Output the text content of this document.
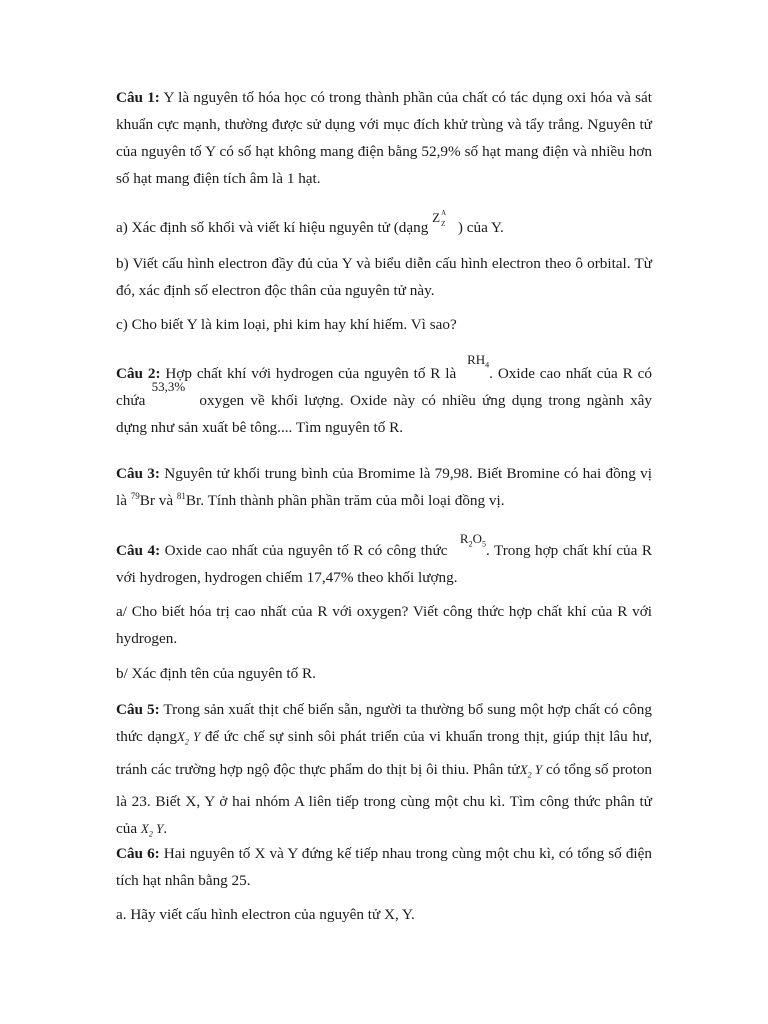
Câu 1: Y là nguyên tố hóa học có trong thành phần của chất có tác dụng oxi hóa và sát khuẩn cực mạnh, thường được sử dụng với mục đích khử trùng và tẩy trắng. Nguyên tử của nguyên tố Y có số hạt không mang điện bằng 52,9% số hạt mang điện và nhiều hơn số hạt mang điện tích âm là 1 hạt.

a) Xác định số khối và viết kí hiệu nguyên tử (dạng Z A
Z ) của Y.

b) Viết cấu hình electron đầy đủ của Y và biểu diễn cấu hình electron theo ô orbital. Từ đó, xác định số electron độc thân của nguyên tử này.

c) Cho biết Y là kim loại, phi kim hay khí hiếm. Vì sao?

Câu 2: Hợp chất khí với hydrogen của nguyên tố R là $RH_4$. Oxide cao nhất của R có chứa 53,3% oxygen về khối lượng. Oxide này có nhiều ứng dụng trong ngành xây dựng như sản xuất bê tông.... Tìm nguyên tố R.

Câu 3: Nguyên tử khối trung bình của Bromime là 79,98. Biết Bromine có hai đồng vị là $^{79}$Br và $^{81}$Br. Tính thành phần phần trăm của mỗi loại đồng vị.

Câu 4: Oxide cao nhất của nguyên tố R có công thức $R_2O_5$. Trong hợp chất khí của R với hydrogen, hydrogen chiếm 17,47% theo khối lượng.

a/ Cho biết hóa trị cao nhất của R với oxygen? Viết công thức hợp chất khí của R với hydrogen.

b/ Xác định tên của nguyên tố R.

Câu 5: Trong sản xuất thịt chế biến sẵn, người ta thường bổ sung một hợp chất có công thức dạngX$_2$ Y để ức chế sự sinh sôi phát triển của vi khuẩn trong thịt, giúp thịt lâu hư, tránh các trường hợp ngộ độc thực phẩm do thịt bị ôi thiu. Phân tửX$_2$ Y có tổng số proton là 23. Biết X, Y ở hai nhóm A liên tiếp trong cùng một chu kì. Tìm công thức phân tử của $X_2$ Y.

Câu 6: Hai nguyên tố X và Y đứng kế tiếp nhau trong cùng một chu kì, có tổng số điện tích hạt nhân bằng 25.

a. Hãy viết cấu hình electron của nguyên tử X, Y.
